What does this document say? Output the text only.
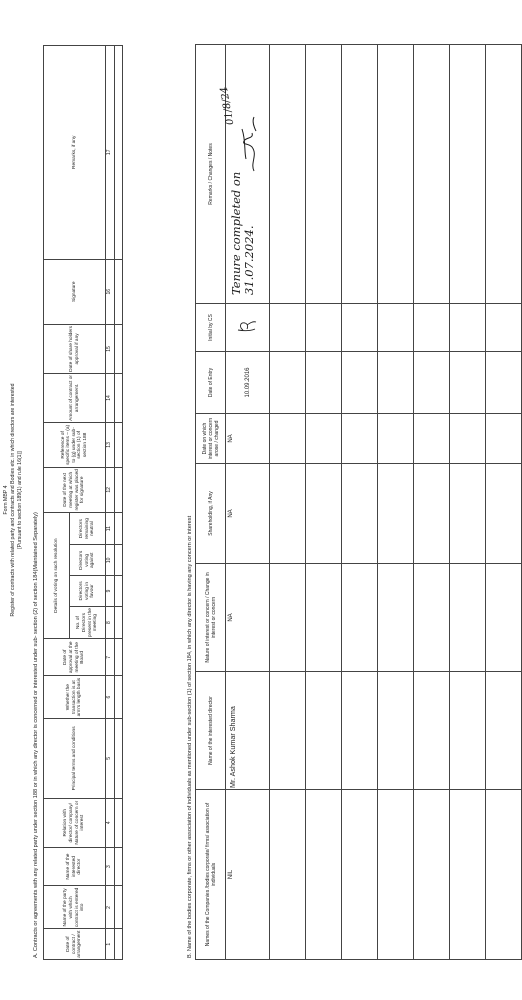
Form MBP 4 Register of contracts with related party and contracts and Bodies etc. in which directors are interested [Pursuant to section 189(1) and rule 16(1)]
A. Contracts or agreements with any related party under section 188 or in which any director is concerned or interested under sub- section (2) of section 184(Maintained Separately)	Date of contract / arrangement	Name of the party with which contract is entered into	Name of the interested director	Relation with director/ company/ Nature of concern or interest	Principal terms and conditions	Whether the transaction is at arm's length basis	Date of approval at the meeting of the Board	Details of voting on such resolution				Date of the next meeting at which register was placed for signature	Reference of specific items – (a) to (g) under sub-section (1) of section 188	Amount of contract or arrangement.	Date of share holders approval if any	Signature	Remarks, if any
							No. of Directors present in the meeting	Directors voting in favour	Directors voting against	Directors remaining neutral						
1	2	3	4	5	6	7	8	9	10	11	12	13	14	15	16	17

B. Name of the bodies corporate, firms or other association of individuals as mentioned under sub-section (1) of section 184, in which any director is having any concern or interest Names of the Companies /bodies corporate/ firms/ association of individuals	Name of the interested director	Nature of interest or concern / Change in interest or concern	Shareholding, if Any	Date on which interest or concern arose / changed	Date of Entry	Initial by CS	Remarks / Changes / Notes
NIL	Mr. Ashok Kumar Sharma	NA	NA	NA	10.09.2016		Tenure completed on 31.07.2024.
01/8/24
